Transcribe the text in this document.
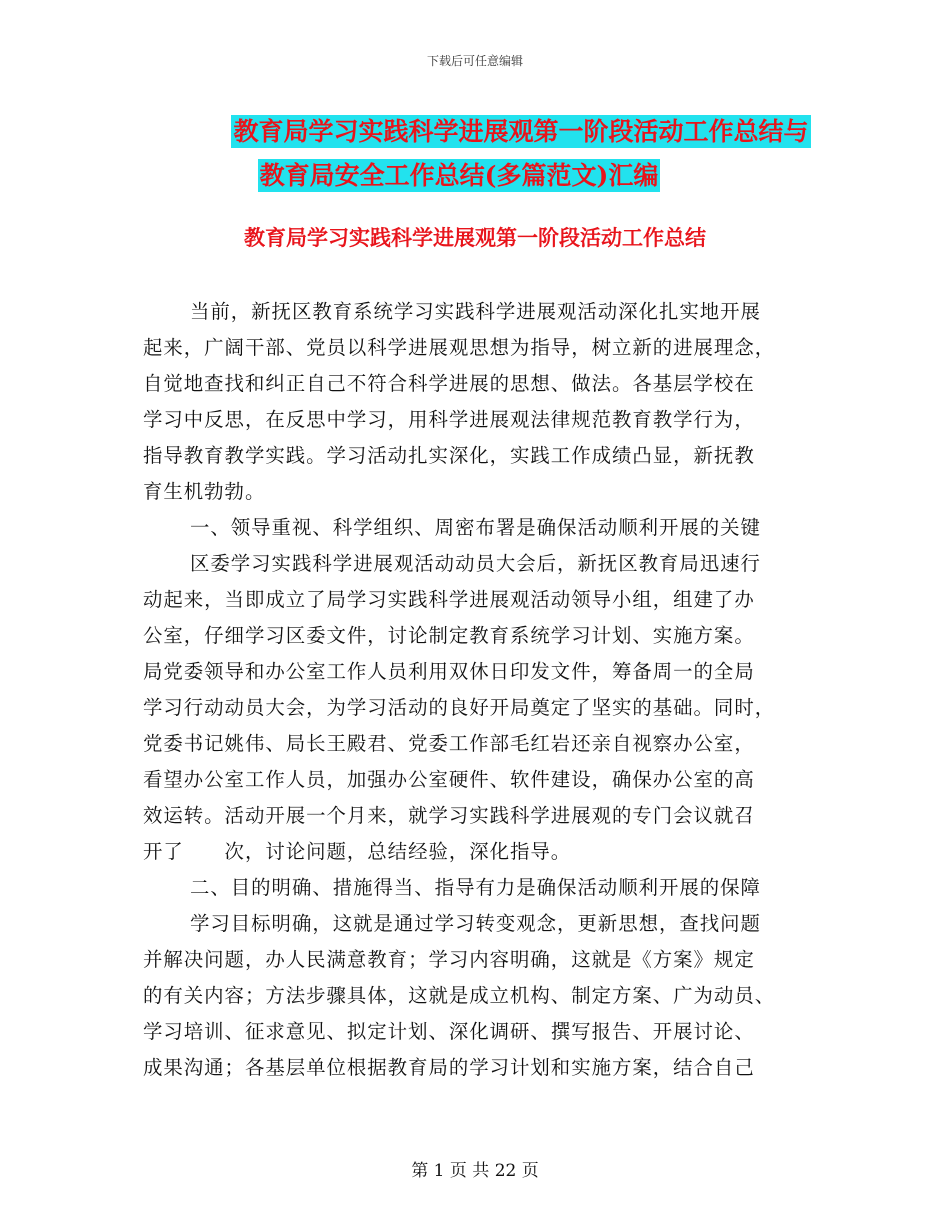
下载后可任意编辑
教育局学习实践科学进展观第一阶段活动工作总结与
教育局安全工作总结(多篇范文)汇编
教育局学习实践科学进展观第一阶段活动工作总结
当前，新抚区教育系统学习实践科学进展观活动深化扎实地开展
起来，广阔干部、党员以科学进展观思想为指导，树立新的进展理念，
自觉地查找和纠正自己不符合科学进展的思想、做法。各基层学校在
学习中反思，在反思中学习，用科学进展观法律规范教育教学行为，
指导教育教学实践。学习活动扎实深化，实践工作成绩凸显，新抚教
育生机勃勃。
一、领导重视、科学组织、周密布署是确保活动顺利开展的关键
区委学习实践科学进展观活动动员大会后，新抚区教育局迅速行
动起来，当即成立了局学习实践科学进展观活动领导小组，组建了办
公室，仔细学习区委文件，讨论制定教育系统学习计划、实施方案。
局党委领导和办公室工作人员利用双休日印发文件，筹备周一的全局
学习行动动员大会，为学习活动的良好开局奠定了坚实的基础。同时，
党委书记姚伟、局长王殿君、党委工作部毛红岩还亲自视察办公室，
看望办公室工作人员，加强办公室硬件、软件建设，确保办公室的高
效运转。活动开展一个月来，就学习实践科学进展观的专门会议就召
开了　　次，讨论问题，总结经验，深化指导。
二、目的明确、措施得当、指导有力是确保活动顺利开展的保障
学习目标明确，这就是通过学习转变观念，更新思想，查找问题
并解决问题，办人民满意教育；学习内容明确，这就是《方案》规定
的有关内容；方法步骤具体，这就是成立机构、制定方案、广为动员、
学习培训、征求意见、拟定计划、深化调研、撰写报告、开展讨论、
成果沟通；各基层单位根据教育局的学习计划和实施方案，结合自己
第 1 页 共 22 页
